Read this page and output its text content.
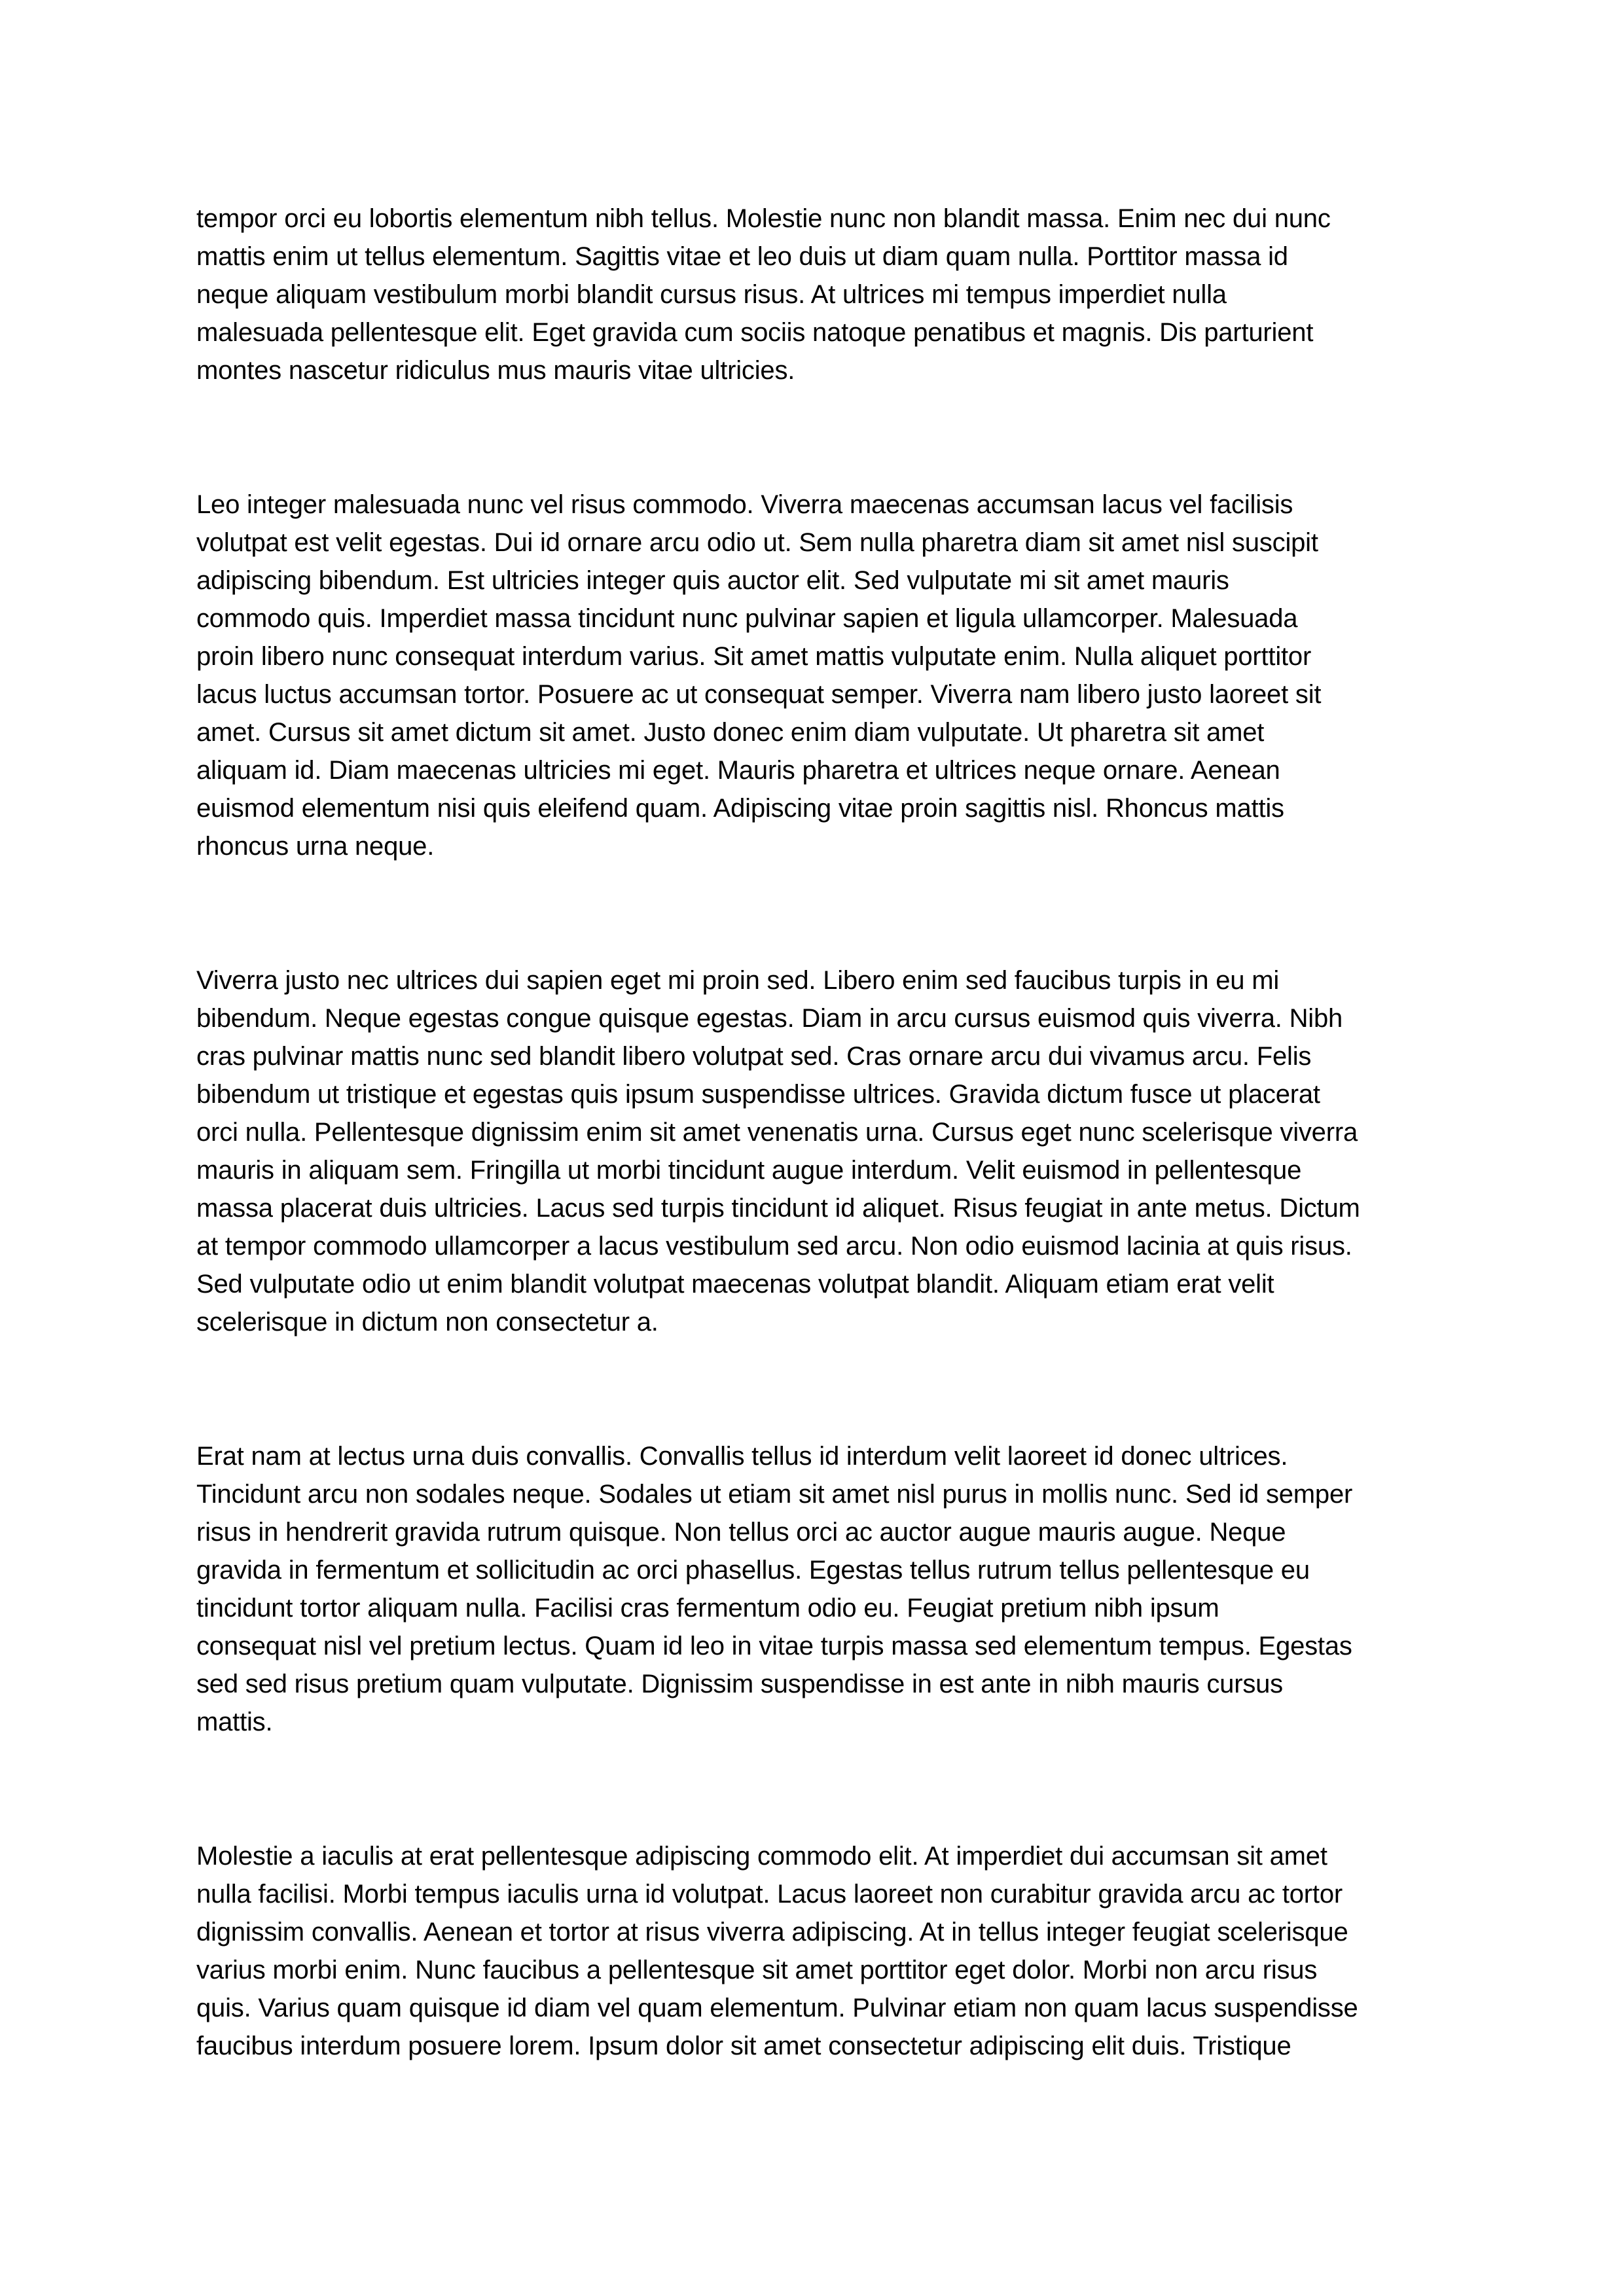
tempor orci eu lobortis elementum nibh tellus. Molestie nunc non blandit massa. Enim nec dui nunc
mattis enim ut tellus elementum. Sagittis vitae et leo duis ut diam quam nulla. Porttitor massa id
neque aliquam vestibulum morbi blandit cursus risus. At ultrices mi tempus imperdiet nulla
malesuada pellentesque elit. Eget gravida cum sociis natoque penatibus et magnis. Dis parturient
montes nascetur ridiculus mus mauris vitae ultricies.

Leo integer malesuada nunc vel risus commodo. Viverra maecenas accumsan lacus vel facilisis
volutpat est velit egestas. Dui id ornare arcu odio ut. Sem nulla pharetra diam sit amet nisl suscipit
adipiscing bibendum. Est ultricies integer quis auctor elit. Sed vulputate mi sit amet mauris
commodo quis. Imperdiet massa tincidunt nunc pulvinar sapien et ligula ullamcorper. Malesuada
proin libero nunc consequat interdum varius. Sit amet mattis vulputate enim. Nulla aliquet porttitor
lacus luctus accumsan tortor. Posuere ac ut consequat semper. Viverra nam libero justo laoreet sit
amet. Cursus sit amet dictum sit amet. Justo donec enim diam vulputate. Ut pharetra sit amet
aliquam id. Diam maecenas ultricies mi eget. Mauris pharetra et ultrices neque ornare. Aenean
euismod elementum nisi quis eleifend quam. Adipiscing vitae proin sagittis nisl. Rhoncus mattis
rhoncus urna neque.

Viverra justo nec ultrices dui sapien eget mi proin sed. Libero enim sed faucibus turpis in eu mi
bibendum. Neque egestas congue quisque egestas. Diam in arcu cursus euismod quis viverra. Nibh
cras pulvinar mattis nunc sed blandit libero volutpat sed. Cras ornare arcu dui vivamus arcu. Felis
bibendum ut tristique et egestas quis ipsum suspendisse ultrices. Gravida dictum fusce ut placerat
orci nulla. Pellentesque dignissim enim sit amet venenatis urna. Cursus eget nunc scelerisque viverra
mauris in aliquam sem. Fringilla ut morbi tincidunt augue interdum. Velit euismod in pellentesque
massa placerat duis ultricies. Lacus sed turpis tincidunt id aliquet. Risus feugiat in ante metus. Dictum
at tempor commodo ullamcorper a lacus vestibulum sed arcu. Non odio euismod lacinia at quis risus.
Sed vulputate odio ut enim blandit volutpat maecenas volutpat blandit. Aliquam etiam erat velit
scelerisque in dictum non consectetur a.

Erat nam at lectus urna duis convallis. Convallis tellus id interdum velit laoreet id donec ultrices.
Tincidunt arcu non sodales neque. Sodales ut etiam sit amet nisl purus in mollis nunc. Sed id semper
risus in hendrerit gravida rutrum quisque. Non tellus orci ac auctor augue mauris augue. Neque
gravida in fermentum et sollicitudin ac orci phasellus. Egestas tellus rutrum tellus pellentesque eu
tincidunt tortor aliquam nulla. Facilisi cras fermentum odio eu. Feugiat pretium nibh ipsum
consequat nisl vel pretium lectus. Quam id leo in vitae turpis massa sed elementum tempus. Egestas
sed sed risus pretium quam vulputate. Dignissim suspendisse in est ante in nibh mauris cursus
mattis.

Molestie a iaculis at erat pellentesque adipiscing commodo elit. At imperdiet dui accumsan sit amet
nulla facilisi. Morbi tempus iaculis urna id volutpat. Lacus laoreet non curabitur gravida arcu ac tortor
dignissim convallis. Aenean et tortor at risus viverra adipiscing. At in tellus integer feugiat scelerisque
varius morbi enim. Nunc faucibus a pellentesque sit amet porttitor eget dolor. Morbi non arcu risus
quis. Varius quam quisque id diam vel quam elementum. Pulvinar etiam non quam lacus suspendisse
faucibus interdum posuere lorem. Ipsum dolor sit amet consectetur adipiscing elit duis. Tristique
